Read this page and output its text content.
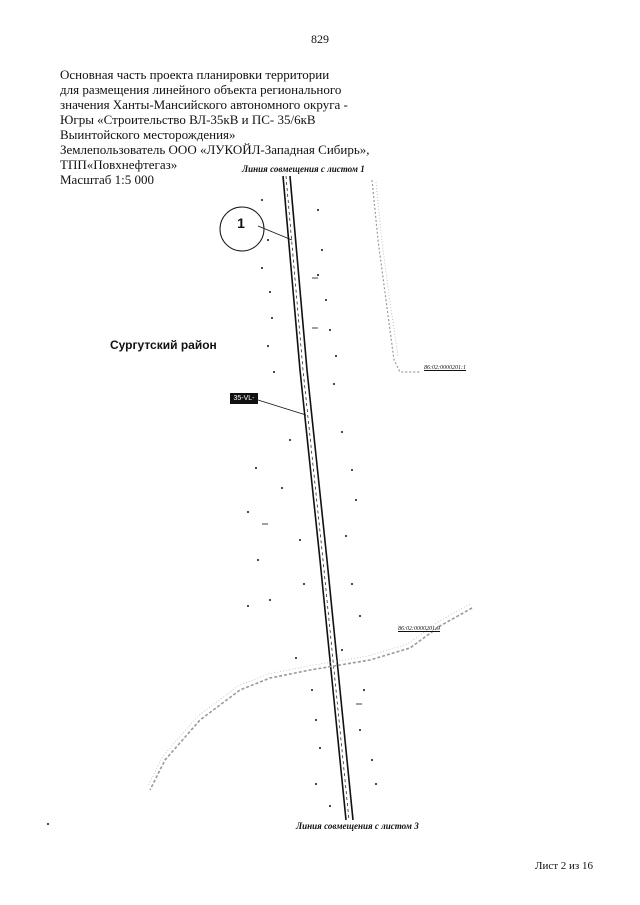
829
Основная часть проекта планировки территории
для размещения линейного объекта регионального
значения Ханты-Мансийского автономного округа -
Югры «Строительство ВЛ-35кВ и ПС- 35/6кВ
Выинтойского месторождения»
Землепользователь ООО «ЛУКОЙЛ-Западная Сибирь»,
ТПП«Повхнефтегаз»
Масштаб 1:5 000
Линия совмещения с листом 1
1
Сургутский район
35-VL-01
86:02:0000201:1
86:02:0000201:9
Линия совмещения с листом 3
Лист 2 из 16
